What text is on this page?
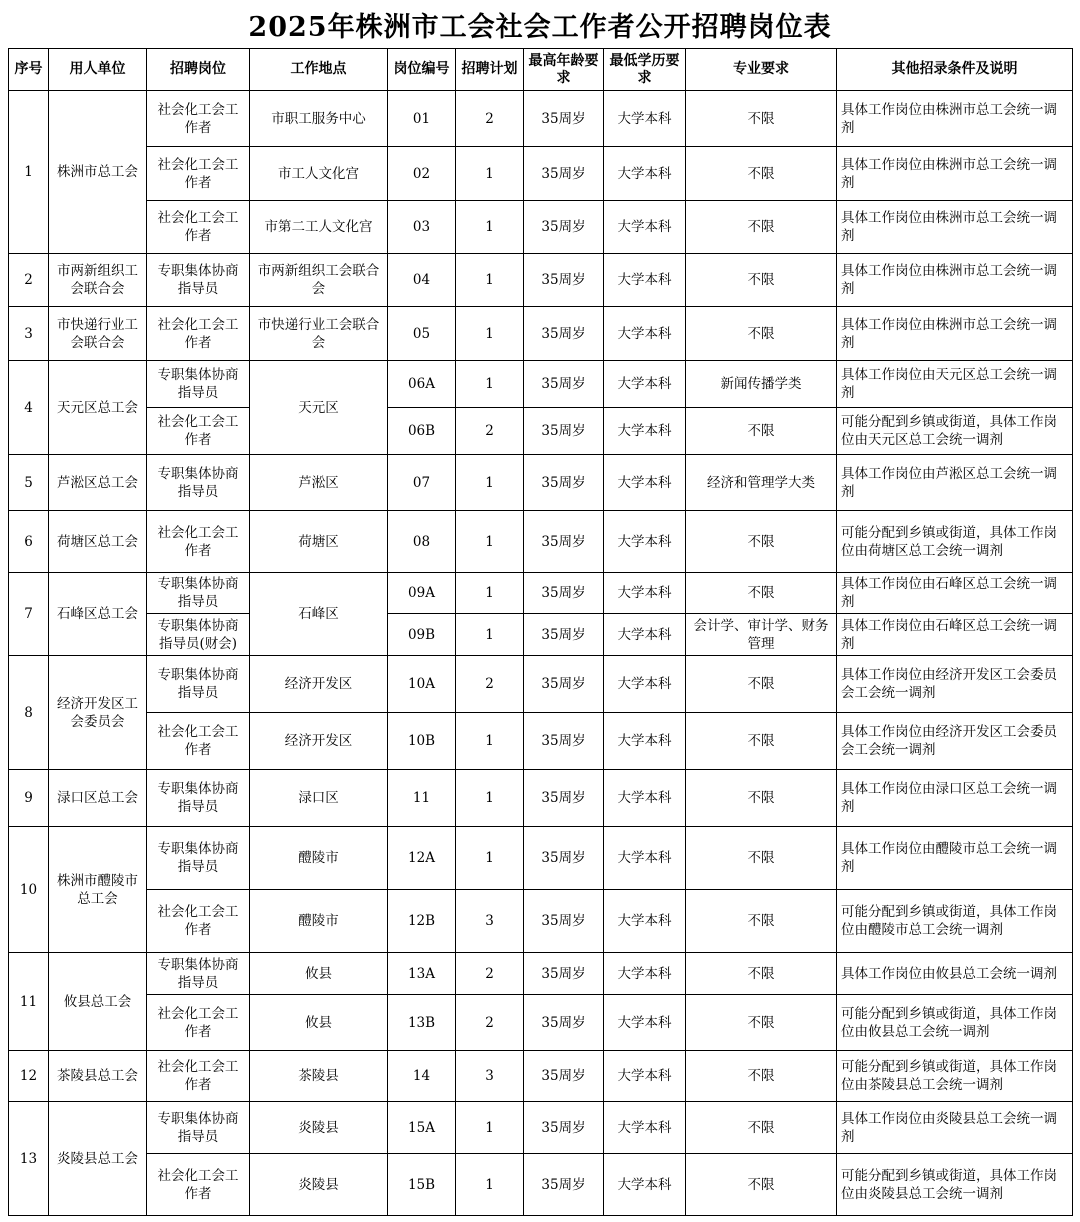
2025年株洲市工会社会工作者公开招聘岗位表
序号	用人单位	招聘岗位	工作地点	岗位编号	招聘计划	最高年龄要求	最低学历要求	专业要求	其他招录条件及说明
1	株洲市总工会	社会化工会工作者	市职工服务中心	01	2	35周岁	大学本科	不限	具体工作岗位由株洲市总工会统一调剂
		社会化工会工作者	市工人文化宫	02	1	35周岁	大学本科	不限	具体工作岗位由株洲市总工会统一调剂
		社会化工会工作者	市第二工人文化宫	03	1	35周岁	大学本科	不限	具体工作岗位由株洲市总工会统一调剂
2	市两新组织工会联合会	专职集体协商指导员	市两新组织工会联合会	04	1	35周岁	大学本科	不限	具体工作岗位由株洲市总工会统一调剂
3	市快递行业工会联合会	社会化工会工作者	市快递行业工会联合会	05	1	35周岁	大学本科	不限	具体工作岗位由株洲市总工会统一调剂
4	天元区总工会	专职集体协商指导员	天元区	06A	1	35周岁	大学本科	新闻传播学类	具体工作岗位由天元区总工会统一调剂
		社会化工会工作者		06B	2	35周岁	大学本科	不限	可能分配到乡镇或街道，具体工作岗位由天元区总工会统一调剂
5	芦淞区总工会	专职集体协商指导员	芦淞区	07	1	35周岁	大学本科	经济和管理学大类	具体工作岗位由芦淞区总工会统一调剂
6	荷塘区总工会	社会化工会工作者	荷塘区	08	1	35周岁	大学本科	不限	可能分配到乡镇或街道，具体工作岗位由荷塘区总工会统一调剂
7	石峰区总工会	专职集体协商指导员	石峰区	09A	1	35周岁	大学本科	不限	具体工作岗位由石峰区总工会统一调剂
		专职集体协商指导员(财会)		09B	1	35周岁	大学本科	会计学、审计学、财务管理	具体工作岗位由石峰区总工会统一调剂
8	经济开发区工会委员会	专职集体协商指导员	经济开发区	10A	2	35周岁	大学本科	不限	具体工作岗位由经济开发区工会委员会工会统一调剂
		社会化工会工作者	经济开发区	10B	1	35周岁	大学本科	不限	具体工作岗位由经济开发区工会委员会工会统一调剂
9	渌口区总工会	专职集体协商指导员	渌口区	11	1	35周岁	大学本科	不限	具体工作岗位由渌口区总工会统一调剂
10	株洲市醴陵市总工会	专职集体协商指导员	醴陵市	12A	1	35周岁	大学本科	不限	具体工作岗位由醴陵市总工会统一调剂
		社会化工会工作者	醴陵市	12B	3	35周岁	大学本科	不限	可能分配到乡镇或街道，具体工作岗位由醴陵市总工会统一调剂
11	攸县总工会	专职集体协商指导员	攸县	13A	2	35周岁	大学本科	不限	具体工作岗位由攸县总工会统一调剂
		社会化工会工作者	攸县	13B	2	35周岁	大学本科	不限	可能分配到乡镇或街道，具体工作岗位由攸县总工会统一调剂
12	茶陵县总工会	社会化工会工作者	茶陵县	14	3	35周岁	大学本科	不限	可能分配到乡镇或街道，具体工作岗位由茶陵县总工会统一调剂
13	炎陵县总工会	专职集体协商指导员	炎陵县	15A	1	35周岁	大学本科	不限	具体工作岗位由炎陵县总工会统一调剂
		社会化工会工作者	炎陵县	15B	1	35周岁	大学本科	不限	可能分配到乡镇或街道，具体工作岗位由炎陵县总工会统一调剂
